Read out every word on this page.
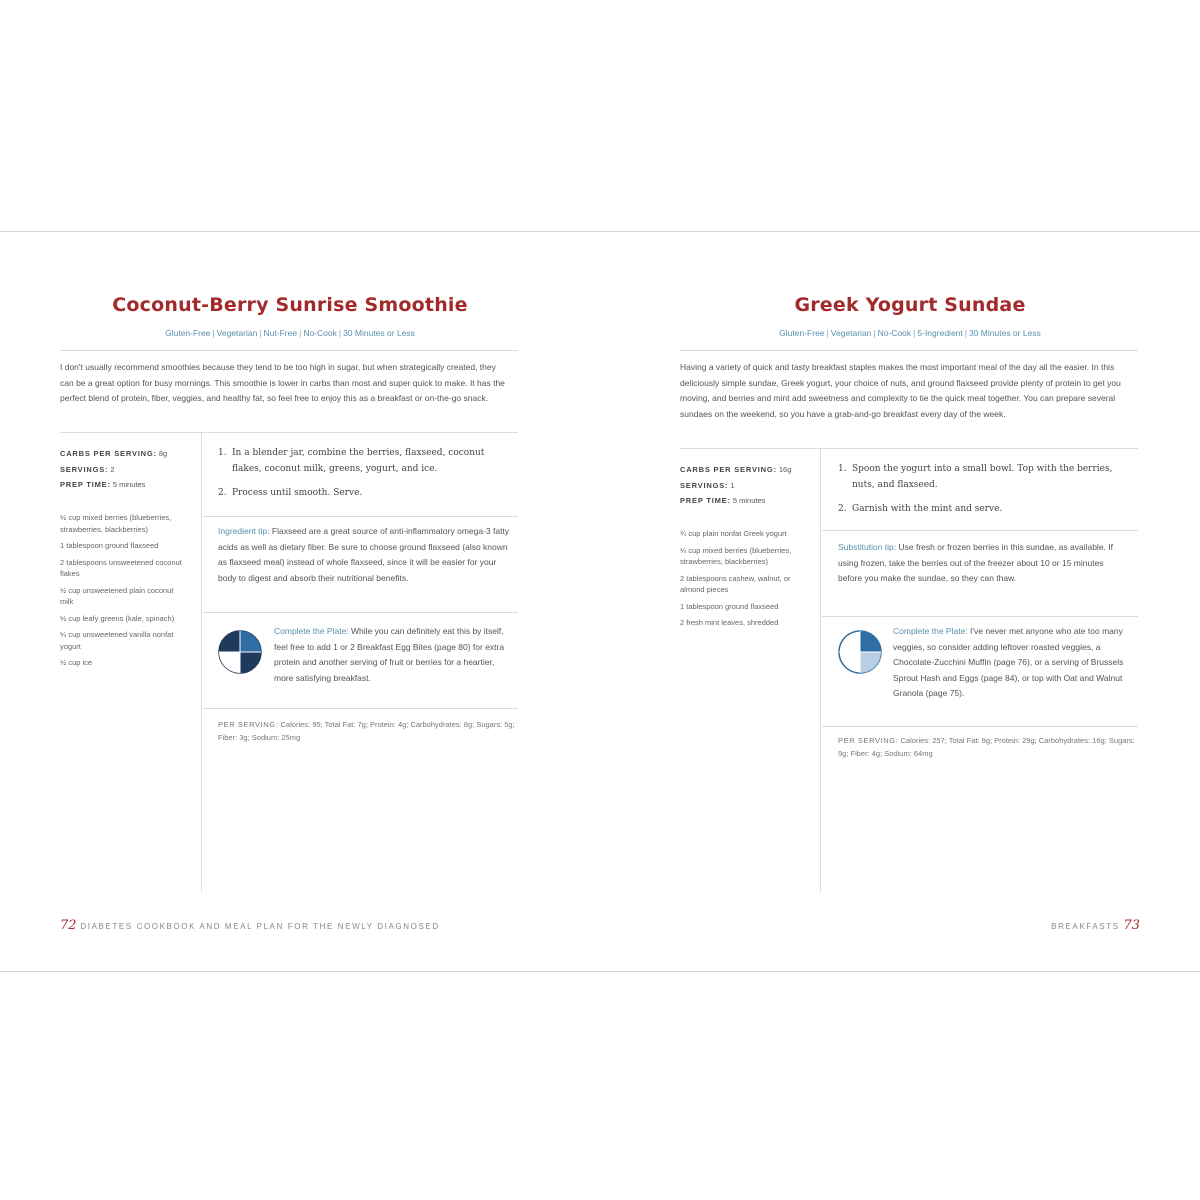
Coconut-Berry Sunrise Smoothie
Gluten-Free | Vegetarian | Nut-Free | No-Cook | 30 Minutes or Less
I don't usually recommend smoothies because they tend to be too high in sugar, but when strategically created, they can be a great option for busy mornings. This smoothie is lower in carbs than most and super quick to make. It has the perfect blend of protein, fiber, veggies, and healthy fat, so feel free to enjoy this as a breakfast or on-the-go snack.
CARBS PER SERVING: 8g
SERVINGS: 2
PREP TIME: 5 minutes
½ cup mixed berries (blueberries, strawberries, blackberries)
1 tablespoon ground flaxseed
2 tablespoons unsweetened coconut flakes
½ cup unsweetened plain coconut milk
½ cup leafy greens (kale, spinach)
¼ cup unsweetened vanilla nonfat yogurt
½ cup ice
1. In a blender jar, combine the berries, flaxseed, coconut flakes, coconut milk, greens, yogurt, and ice.
2. Process until smooth. Serve.
Ingredient tip: Flaxseed are a great source of anti-inflammatory omega-3 fatty acids as well as dietary fiber. Be sure to choose ground flaxseed (also known as flaxseed meal) instead of whole flaxseed, since it will be easier for your body to digest and absorb their nutritional benefits.
Complete the Plate: While you can definitely eat this by itself, feel free to add 1 or 2 Breakfast Egg Bites (page 80) for extra protein and another serving of fruit or berries for a heartier, more satisfying breakfast.
PER SERVING: Calories: 95; Total Fat: 7g; Protein: 4g; Carbohydrates: 8g; Sugars: 5g; Fiber: 3g; Sodium: 25mg
72 DIABETES COOKBOOK AND MEAL PLAN FOR THE NEWLY DIAGNOSED
Greek Yogurt Sundae
Gluten-Free | Vegetarian | No-Cook | 5-Ingredient | 30 Minutes or Less
Having a variety of quick and tasty breakfast staples makes the most important meal of the day all the easier. In this deliciously simple sundae, Greek yogurt, your choice of nuts, and ground flaxseed provide plenty of protein to get you moving, and berries and mint add sweetness and complexity to tie the quick meal together. You can prepare several sundaes on the weekend, so you have a grab-and-go breakfast every day of the week.
CARBS PER SERVING: 16g
SERVINGS: 1
PREP TIME: 5 minutes
¾ cup plain nonfat Greek yogurt
¼ cup mixed berries (blueberries, strawberries, blackberries)
2 tablespoons cashew, walnut, or almond pieces
1 tablespoon ground flaxseed
2 fresh mint leaves, shredded
1. Spoon the yogurt into a small bowl. Top with the berries, nuts, and flaxseed.
2. Garnish with the mint and serve.
Substitution tip: Use fresh or frozen berries in this sundae, as available. If using frozen, take the berries out of the freezer about 10 or 15 minutes before you make the sundae, so they can thaw.
Complete the Plate: I've never met anyone who ate too many veggies, so consider adding leftover roasted veggies, a Chocolate-Zucchini Muffin (page 76), or a serving of Brussels Sprout Hash and Eggs (page 84), or top with Oat and Walnut Granola (page 75).
PER SERVING: Calories: 257; Total Fat: 9g; Protein: 29g; Carbohydrates: 16g; Sugars: 9g; Fiber: 4g; Sodium: 64mg
BREAKFASTS 73
